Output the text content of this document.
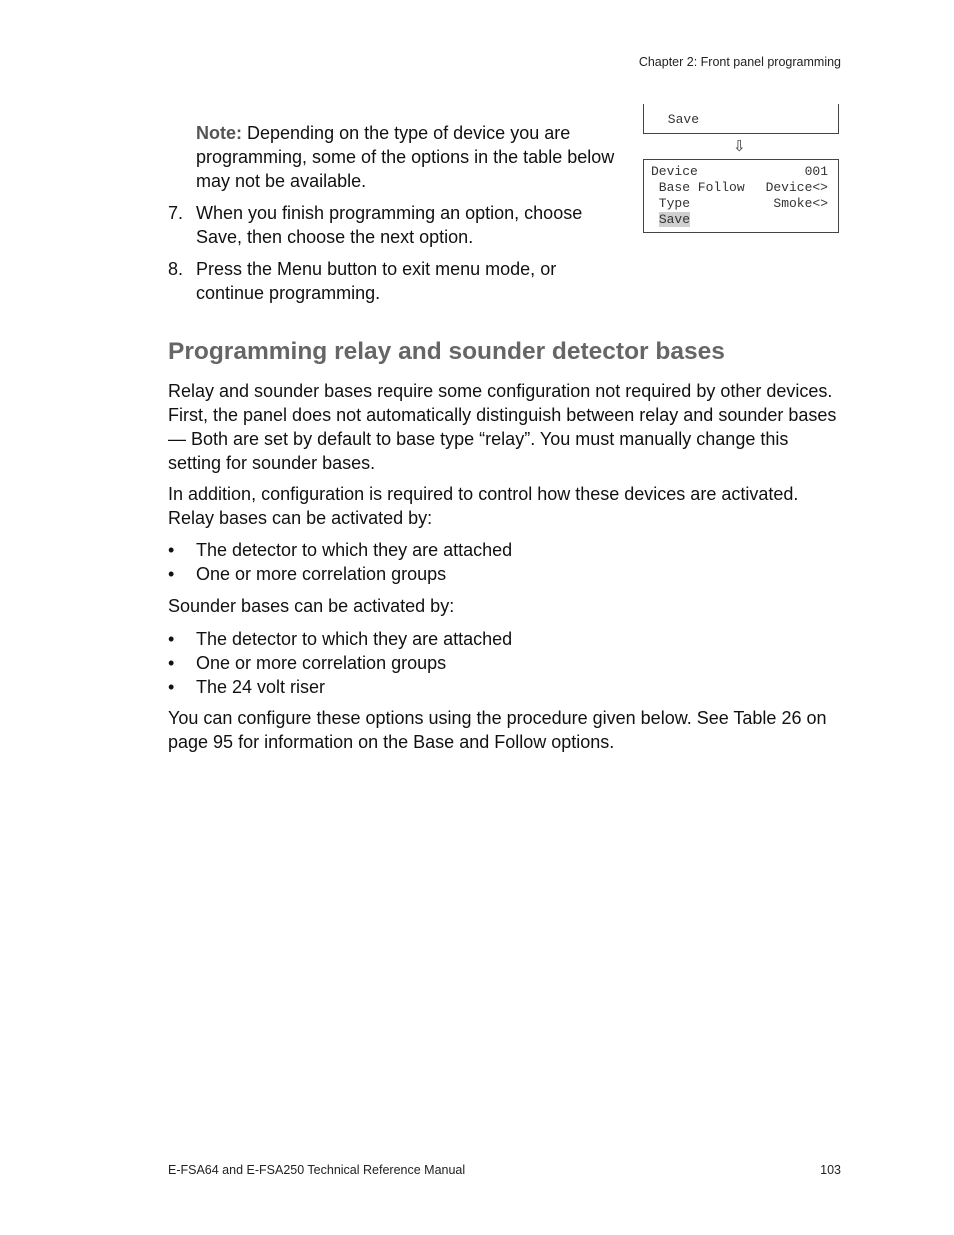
Chapter 2: Front panel programming
Note: Depending on the type of device you are programming, some of the options in the table below may not be available.
7. When you finish programming an option, choose Save, then choose the next option.
8. Press the Menu button to exit menu mode, or continue programming.
Save
⇩
Device	001
Base Follow Device<>
Type	Smoke<>
Save
Programming relay and sounder detector bases

Relay and sounder bases require some configuration not required by other devices. First, the panel does not automatically distinguish between relay and sounder bases — Both are set by default to base type “relay”. You must manually change this setting for sounder bases.

In addition, configuration is required to control how these devices are activated. Relay bases can be activated by:

•	The detector to which they are attached
•	One or more correlation groups

Sounder bases can be activated by:

•	The detector to which they are attached
•	One or more correlation groups
•	The 24 volt riser

You can configure these options using the procedure given below. See Table 26 on page 95 for information on the Base and Follow options.

E-FSA64 and E-FSA250 Technical Reference Manual	103
